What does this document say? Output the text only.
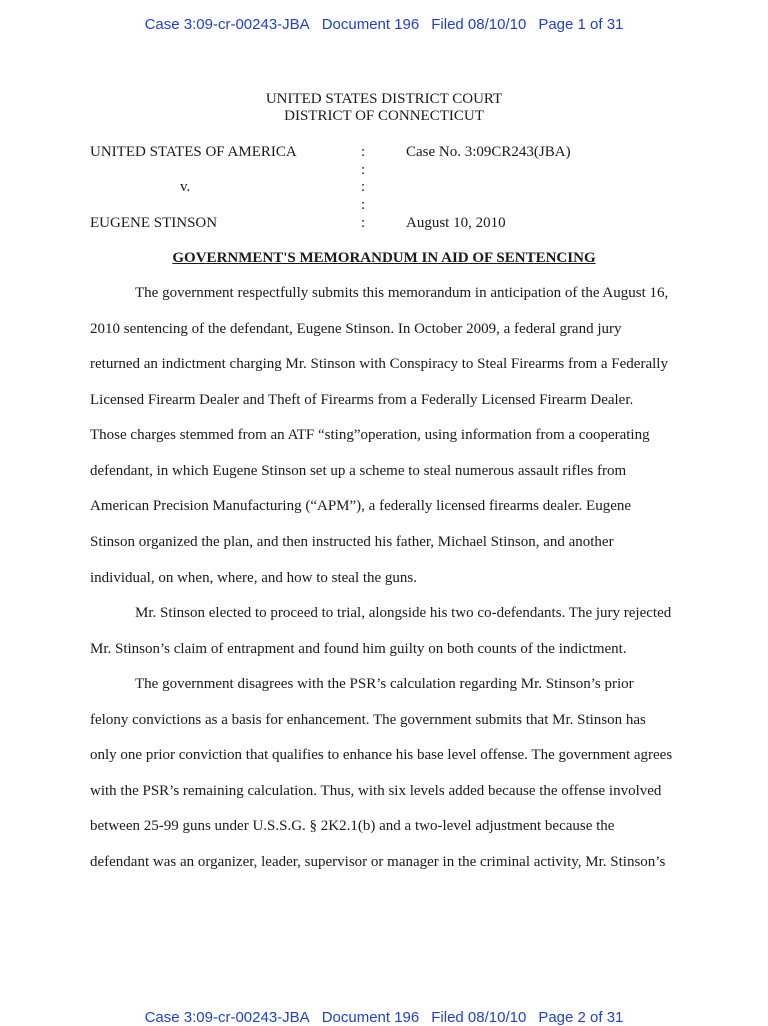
Case 3:09-cr-00243-JBA Document 196 Filed 08/10/10 Page 1 of 31
UNITED STATES DISTRICT COURT
DISTRICT OF CONNECTICUT
UNITED STATES OF AMERICA	:	Case No. 3:09CR243(JBA)
:
v.	:
:
EUGENE STINSON	:	August 10, 2010
GOVERNMENT'S MEMORANDUM IN AID OF SENTENCING
The government respectfully submits this memorandum in anticipation of the August 16,
2010 sentencing of the defendant, Eugene Stinson. In October 2009, a federal grand jury
returned an indictment charging Mr. Stinson with Conspiracy to Steal Firearms from a Federally
Licensed Firearm Dealer and Theft of Firearms from a Federally Licensed Firearm Dealer.
Those charges stemmed from an ATF “sting”operation, using information from a cooperating
defendant, in which Eugene Stinson set up a scheme to steal numerous assault rifles from
American Precision Manufacturing (“APM”), a federally licensed firearms dealer. Eugene
Stinson organized the plan, and then instructed his father, Michael Stinson, and another
individual, on when, where, and how to steal the guns.
Mr. Stinson elected to proceed to trial, alongside his two co-defendants. The jury rejected
Mr. Stinson’s claim of entrapment and found him guilty on both counts of the indictment.
The government disagrees with the PSR’s calculation regarding Mr. Stinson’s prior
felony convictions as a basis for enhancement. The government submits that Mr. Stinson has
only one prior conviction that qualifies to enhance his base level offense. The government agrees
with the PSR’s remaining calculation. Thus, with six levels added because the offense involved
between 25-99 guns under U.S.S.G. § 2K2.1(b) and a two-level adjustment because the
defendant was an organizer, leader, supervisor or manager in the criminal activity, Mr. Stinson’s
Case 3:09-cr-00243-JBA Document 196 Filed 08/10/10 Page 2 of 31
